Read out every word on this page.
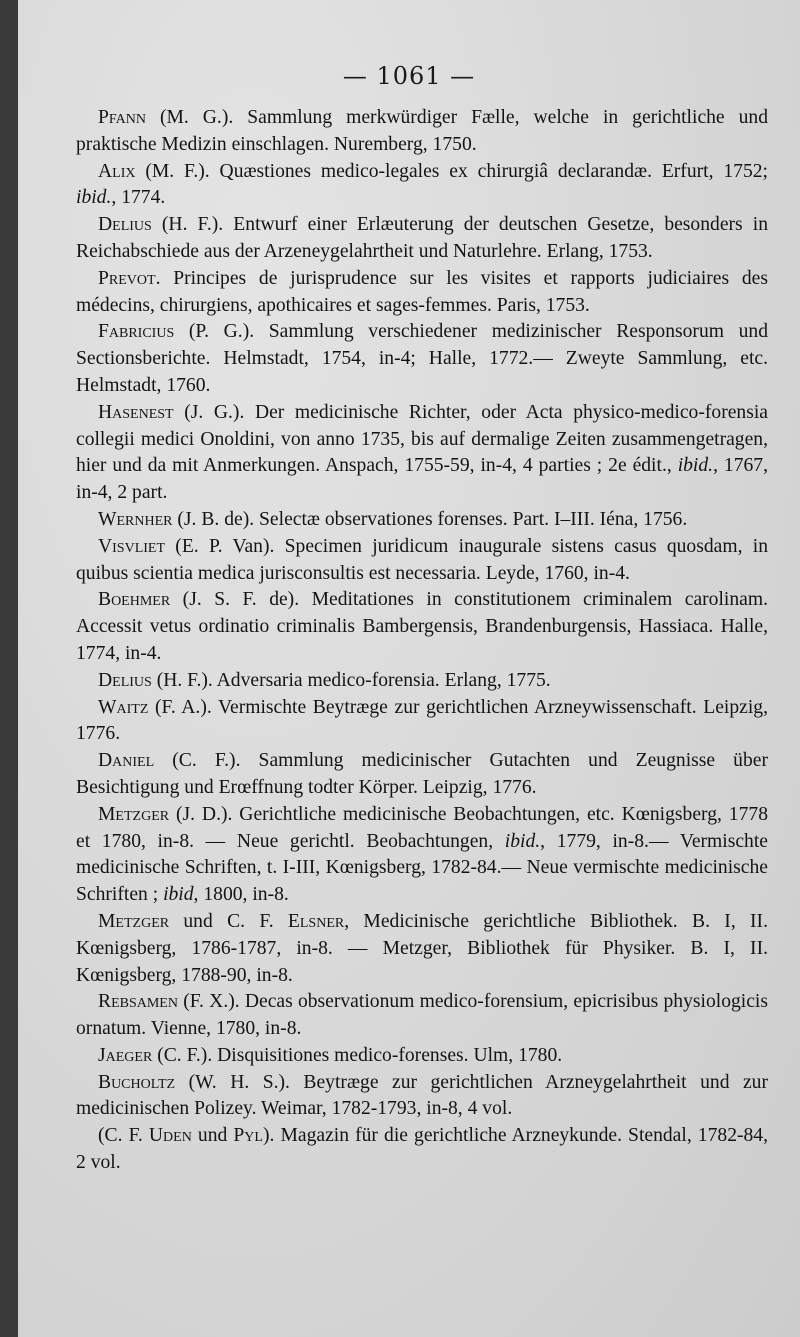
— 1061 —

Pfann (M. G.). Sammlung merkwürdiger Fælle, welche in gerichtliche und praktische Medizin einschlagen. Nuremberg, 1750.

Alix (M. F.). Quæstiones medico-legales ex chirurgiâ declarandæ. Erfurt, 1752; ibid., 1774.

Delius (H. F.). Entwurf einer Erlæuterung der deutschen Gesetze, besonders in Reichabschiede aus der Arzeneygelahrtheit und Naturlehre. Erlang, 1753.

Prevot. Principes de jurisprudence sur les visites et rapports judiciaires des médecins, chirurgiens, apothicaires et sages-femmes. Paris, 1753.

Fabricius (P. G.). Sammlung verschiedener medizinischer Responsorum und Sectionsberichte. Helmstadt, 1754, in-4; Halle, 1772.— Zweyte Sammlung, etc. Helmstadt, 1760.

Hasenest (J. G.). Der medicinische Richter, oder Acta physico-medico-forensia collegii medici Onoldini, von anno 1735, bis auf dermalige Zeiten zusammengetragen, hier und da mit Anmerkungen. Anspach, 1755-59, in-4, 4 parties ; 2e édit., ibid., 1767, in-4, 2 part.

Wernher (J. B. de). Selectæ observationes forenses. Part. I–III. Iéna, 1756.

Visvliet (E. P. Van). Specimen juridicum inaugurale sistens casus quosdam, in quibus scientia medica jurisconsultis est necessaria. Leyde, 1760, in-4.

Boehmer (J. S. F. de). Meditationes in constitutionem criminalem carolinam. Accessit vetus ordinatio criminalis Bambergensis, Brandenburgensis, Hassiaca. Halle, 1774, in-4.

Delius (H. F.). Adversaria medico-forensia. Erlang, 1775.

Waitz (F. A.). Vermischte Beytræge zur gerichtlichen Arzneywissenschaft. Leipzig, 1776.

Daniel (C. F.). Sammlung medicinischer Gutachten und Zeugnisse über Besichtigung und Erœffnung todter Körper. Leipzig, 1776.

Metzger (J. D.). Gerichtliche medicinische Beobachtungen, etc. Kœnigsberg, 1778 et 1780, in-8. — Neue gerichtl. Beobachtungen, ibid., 1779, in-8.— Vermischte medicinische Schriften, t. I-III, Kœnigsberg, 1782-84.— Neue vermischte medicinische Schriften ; ibid, 1800, in-8.

Metzger und C. F. Elsner, Medicinische gerichtliche Bibliothek. B. I, II. Kœnigsberg, 1786-1787, in-8. — Metzger, Bibliothek für Physiker. B. I, II. Kœnigsberg, 1788-90, in-8.

Rebsamen (F. X.). Decas observationum medico-forensium, epicrisibus physiologicis ornatum. Vienne, 1780, in-8.

Jaeger (C. F.). Disquisitiones medico-forenses. Ulm, 1780.

Bucholtz (W. H. S.). Beytræge zur gerichtlichen Arzneygelahrtheit und zur medicinischen Polizey. Weimar, 1782-1793, in-8, 4 vol.

(C. F. Uden und Pyl). Magazin für die gerichtliche Arzneykunde. Stendal, 1782-84, 2 vol.
